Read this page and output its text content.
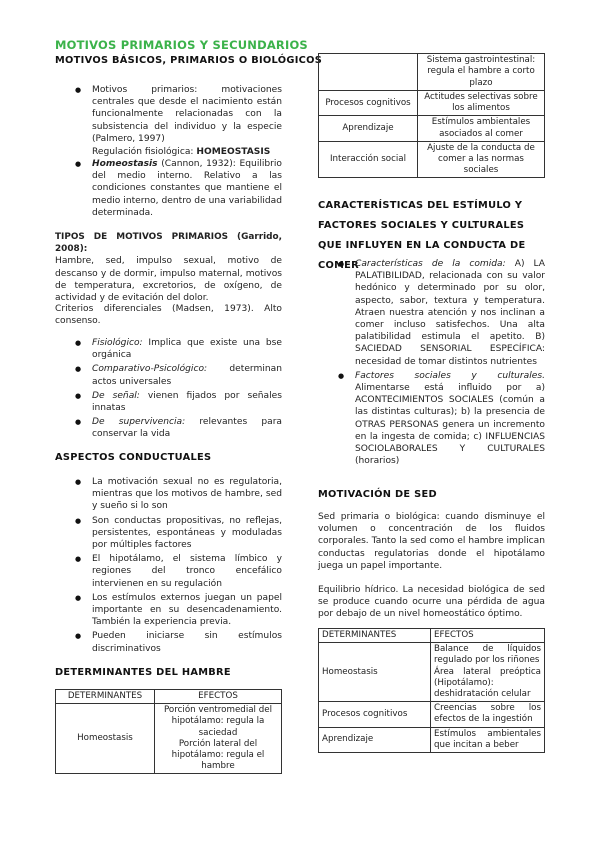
MOTIVOS PRIMARIOS Y SECUNDARIOS
MOTIVOS BÁSICOS, PRIMARIOS O BIOLÓGICOS
● Motivos primarios: motivaciones centrales que desde el nacimiento están funcionalmente relacionadas con la subsistencia del individuo y la especie (Palmero, 1997)
Regulación fisiológica: HOMEOSTASIS
● Homeostasis (Cannon, 1932): Equilibrio del medio interno. Relativo a las condiciones constantes que mantiene el medio interno, dentro de una variabilidad determinada.
TIPOS DE MOTIVOS PRIMARIOS (Garrido, 2008):
Hambre, sed, impulso sexual, motivo de descanso y de dormir, impulso maternal, motivos de temperatura, excretorios, de oxígeno, de actividad y de evitación del dolor.
Criterios diferenciales (Madsen, 1973). Alto consenso.
● Fisiológico: Implica que existe una bse orgánica
● Comparativo-Psicológico: determinan actos universales
● De señal: vienen fijados por señales innatas
● De supervivencia: relevantes para conservar la vida
ASPECTOS CONDUCTUALES
● La motivación sexual no es regulatoria, mientras que los motivos de hambre, sed y sueño si lo son
● Son conductas propositivas, no reflejas, persistentes, espontáneas y moduladas por múltiples factores
● El hipotálamo, el sistema límbico y regiones del tronco encefálico intervienen en su regulación
● Los estímulos externos juegan un papel importante en su desencadenamiento. También la experiencia previa.
● Pueden iniciarse sin estímulos discriminativos
DETERMINANTES DEL HAMBRE
DETERMINANTES	EFECTOS
Homeostasis	Porción ventromedial del hipotálamo: regula la saciedad
Porción lateral del hipotálamo: regula el hambre
	Sistema gastrointestinal: regula el hambre a corto plazo
Procesos cognitivos	Actitudes selectivas sobre los alimentos
Aprendizaje	Estímulos ambientales asociados al comer
Interacción social	Ajuste de la conducta de comer a las normas sociales
CARACTERÍSTICAS DEL ESTÍMULO Y FACTORES SOCIALES Y CULTURALES QUE INFLUYEN EN LA CONDUCTA DE COMER
● Características de la comida: A) LA PALATIBILIDAD, relacionada con su valor hedónico y determinado por su olor, aspecto, sabor, textura y temperatura. Atraen nuestra atención y nos inclinan a comer incluso satisfechos. Una alta palatibilidad estimula el apetito. B) SACIEDAD SENSORIAL ESPECÍFICA: necesidad de tomar distintos nutrientes
● Factores sociales y culturales. Alimentarse está influido por a) ACONTECIMIENTOS SOCIALES (común a las distintas culturas); b) la presencia de OTRAS PERSONAS genera un incremento en la ingesta de comida; c) INFLUENCIAS SOCIOLABORALES Y CULTURALES (horarios)
MOTIVACIÓN DE SED
Sed primaria o biológica: cuando disminuye el volumen o concentración de los fluidos corporales. Tanto la sed como el hambre implican conductas regulatorias donde el hipotálamo juega un papel importante.
Equilibrio hídrico. La necesidad biológica de sed se produce cuando ocurre una pérdida de agua por debajo de un nivel homeostático óptimo.
DETERMINANTES	EFECTOS
Homeostasis	Balance de líquidos regulado por los riñones
Área lateral preóptica (Hipotálamo): deshidratación celular

Procesos cognitivos	Creencias sobre los efectos de la ingestión
Aprendizaje	Estímulos ambientales que incitan a beber
